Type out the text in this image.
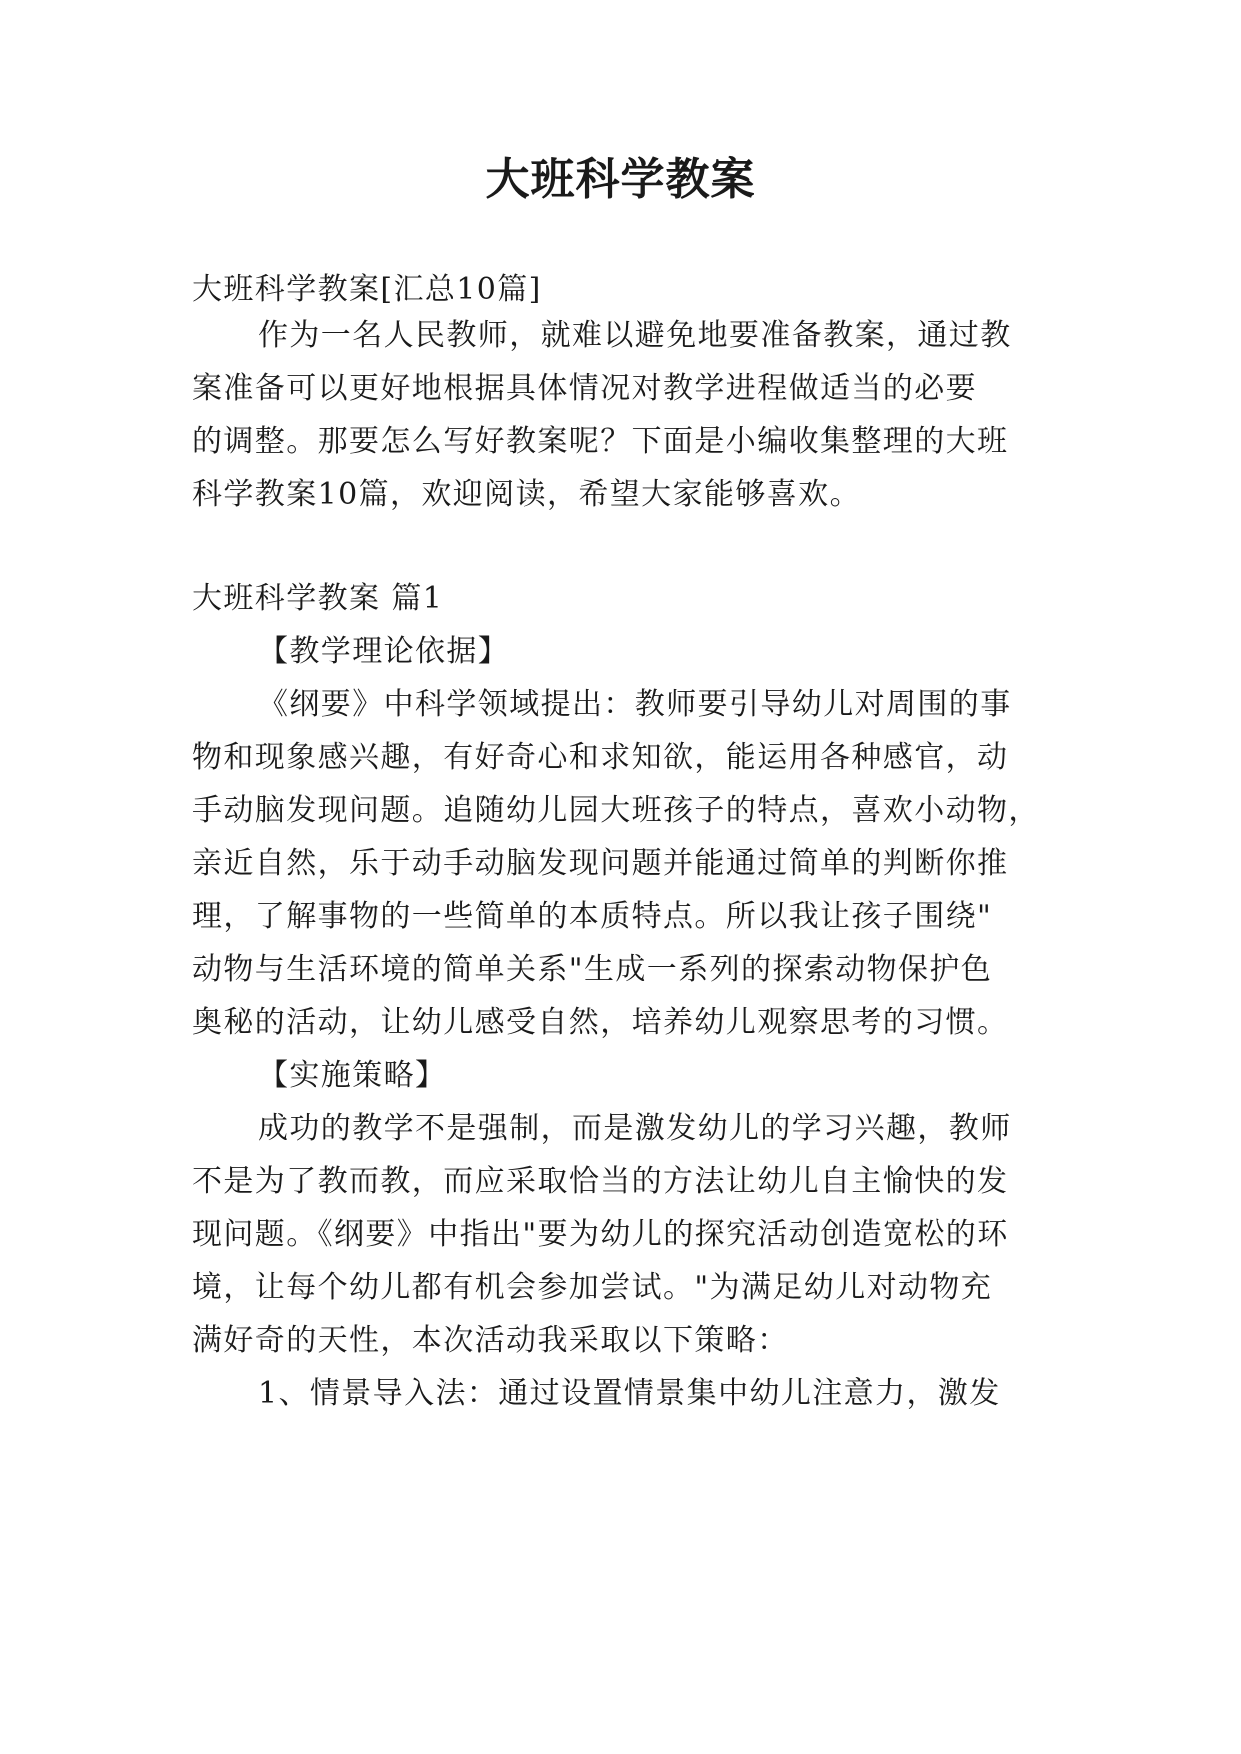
大班科学教案
大班科学教案[汇总10篇]
作为一名人民教师，就难以避免地要准备教案，通过教
案准备可以更好地根据具体情况对教学进程做适当的必要
的调整。那要怎么写好教案呢？下面是小编收集整理的大班
科学教案10篇，欢迎阅读，希望大家能够喜欢。
大班科学教案 篇1
【教学理论依据】
《纲要》中科学领域提出：教师要引导幼儿对周围的事
物和现象感兴趣，有好奇心和求知欲，能运用各种感官，动
手动脑发现问题。追随幼儿园大班孩子的特点，喜欢小动物，
亲近自然，乐于动手动脑发现问题并能通过简单的判断你推
理，了解事物的一些简单的本质特点。所以我让孩子围绕"
动物与生活环境的简单关系"生成一系列的探索动物保护色
奥秘的活动，让幼儿感受自然，培养幼儿观察思考的习惯。
【实施策略】
成功的教学不是强制，而是激发幼儿的学习兴趣，教师
不是为了教而教，而应采取恰当的方法让幼儿自主愉快的发
现问题。《纲要》中指出"要为幼儿的探究活动创造宽松的环
境，让每个幼儿都有机会参加尝试。"为满足幼儿对动物充
满好奇的天性，本次活动我采取以下策略：
1、情景导入法：通过设置情景集中幼儿注意力，激发
